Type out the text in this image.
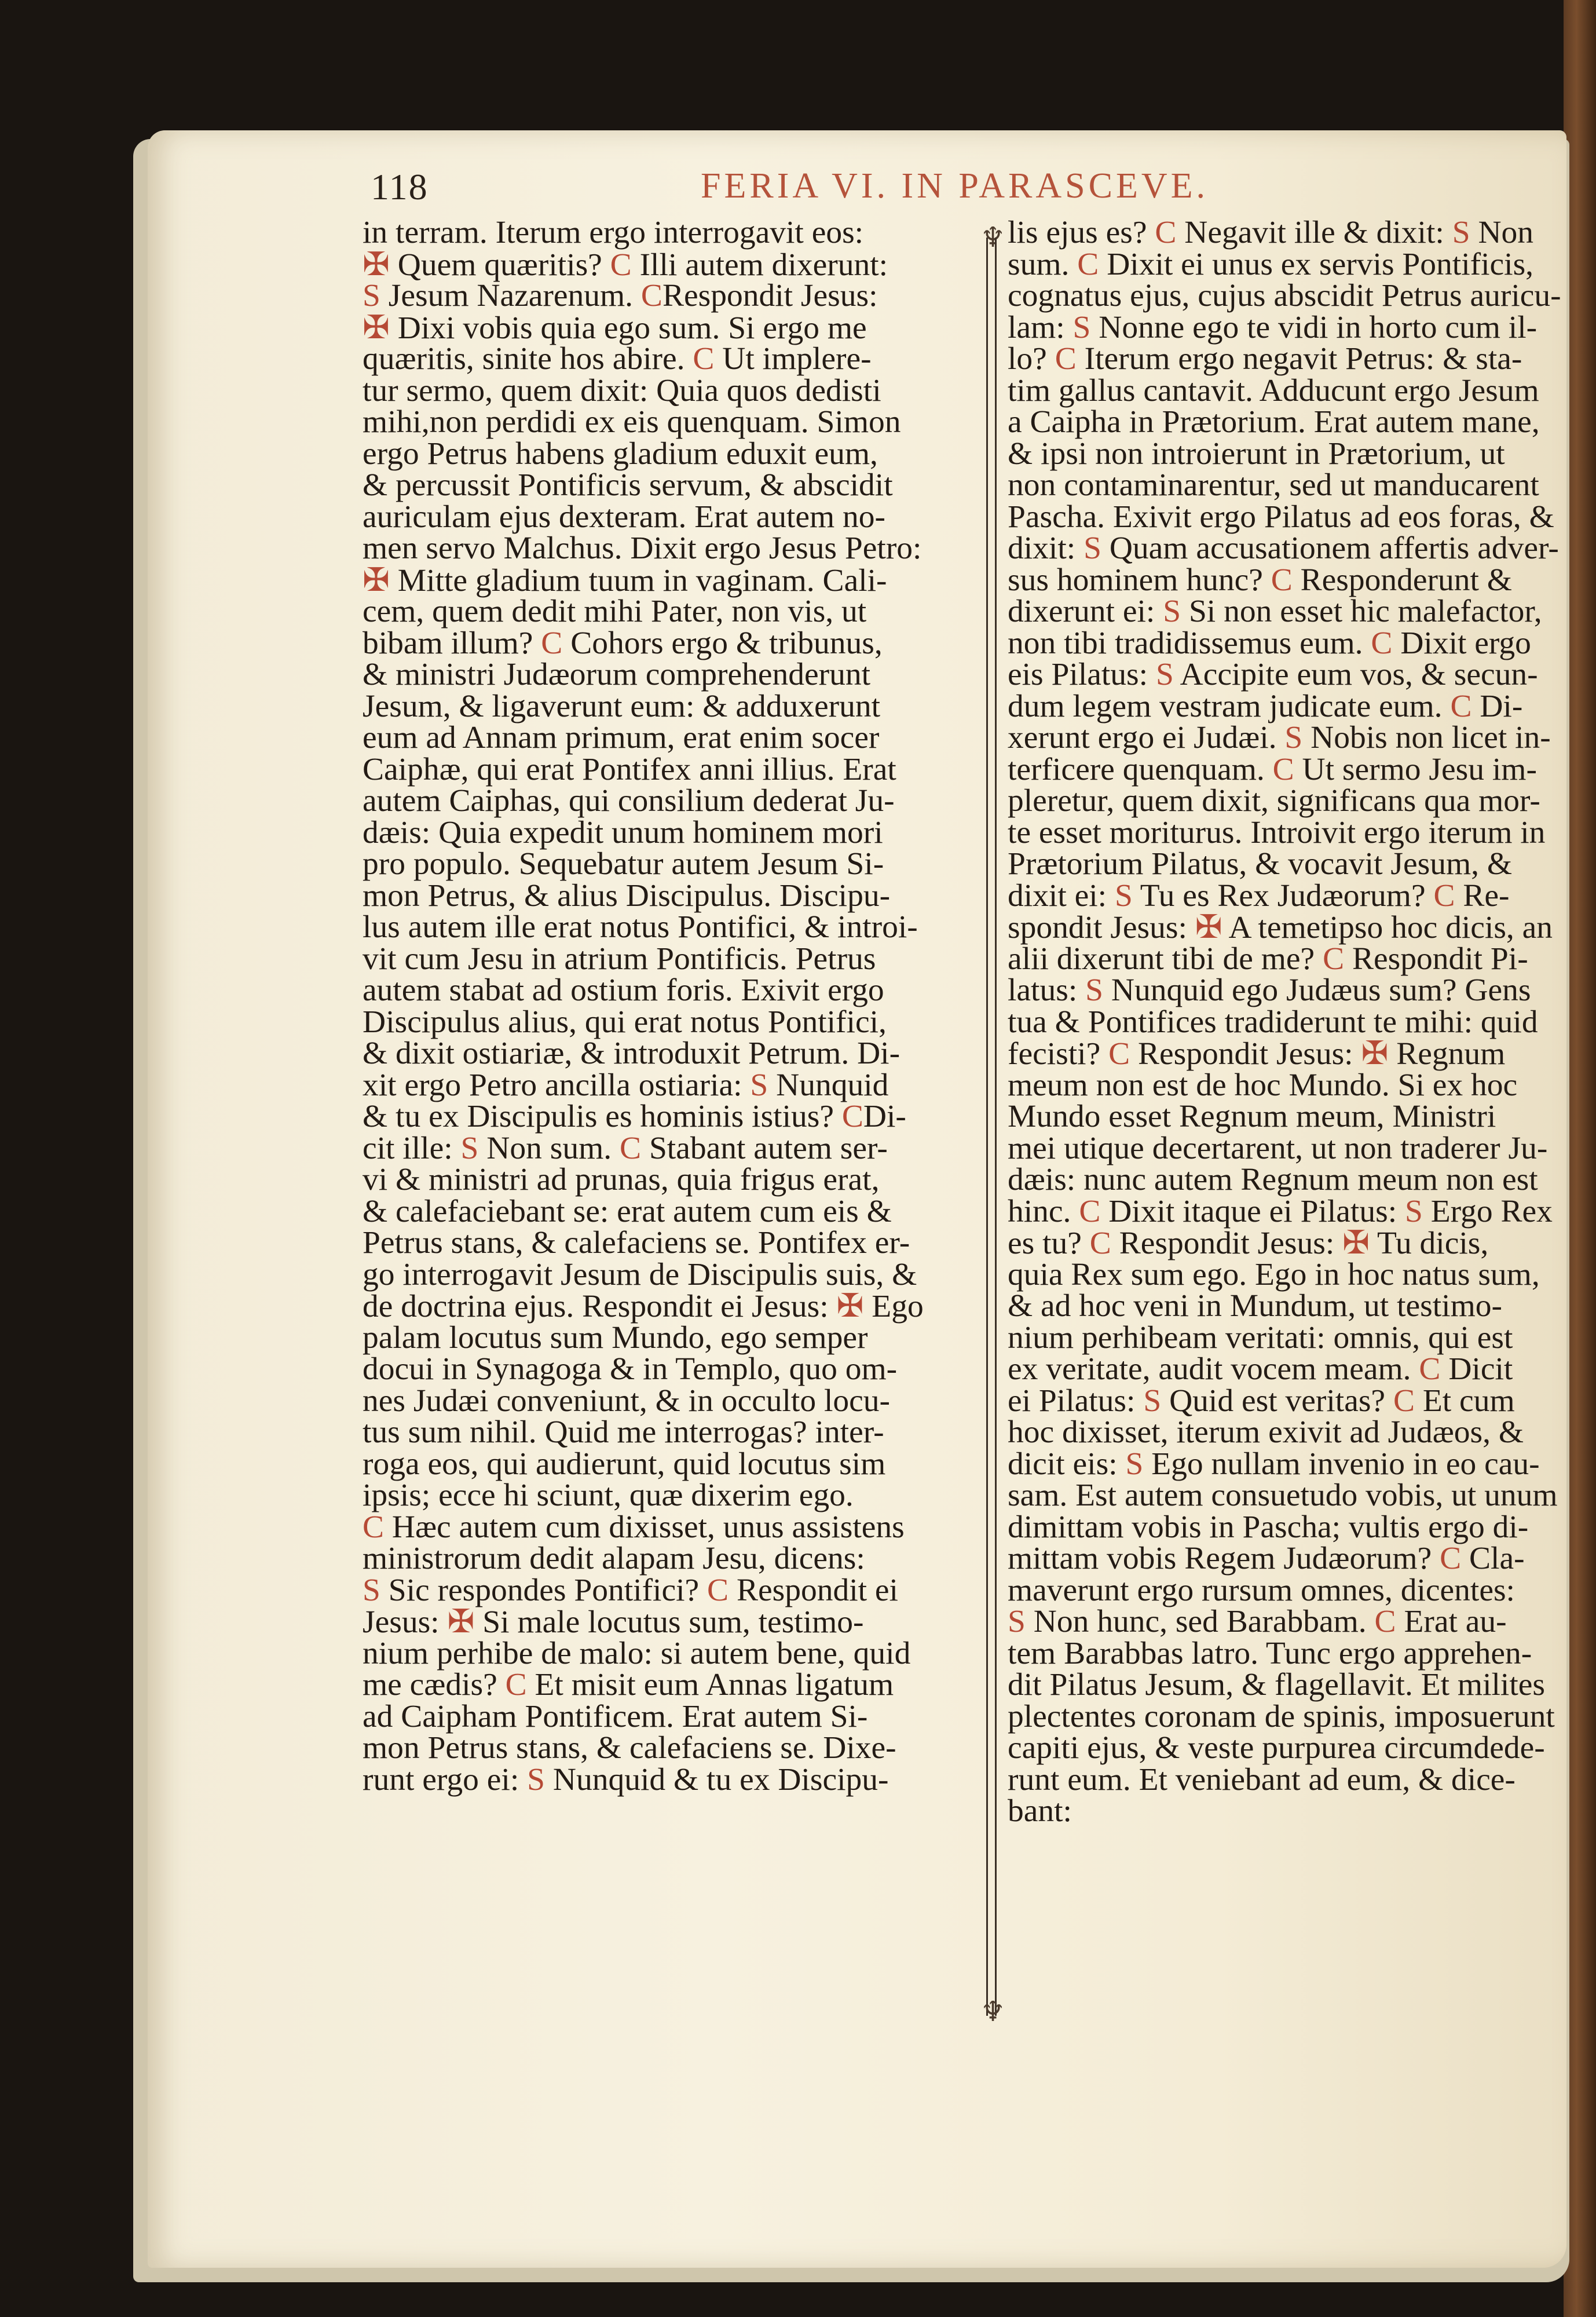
118	FERIA VI. IN PARASCEVE.
♆
♆
in terram. Iterum ergo interrogavit eos:
✠ Quem quæritis? C Illi autem dixerunt:
S Jesum Nazarenum. CRespondit Jesus:
✠ Dixi vobis quia ego sum. Si ergo me
quæritis, sinite hos abire. C Ut implere-
tur sermo, quem dixit: Quia quos dedisti
mihi,non perdidi ex eis quenquam. Simon
ergo Petrus habens gladium eduxit eum,
& percussit Pontificis servum, & abscidit
auriculam ejus dexteram. Erat autem no-
men servo Malchus. Dixit ergo Jesus Petro:
✠ Mitte gladium tuum in vaginam. Cali-
cem, quem dedit mihi Pater, non vis, ut
bibam illum? C Cohors ergo & tribunus,
& ministri Judæorum comprehenderunt
Jesum, & ligaverunt eum: & adduxerunt
eum ad Annam primum, erat enim socer
Caiphæ, qui erat Pontifex anni illius. Erat
autem Caiphas, qui consilium dederat Ju-
dæis: Quia expedit unum hominem mori
pro populo. Sequebatur autem Jesum Si-
mon Petrus, & alius Discipulus. Discipu-
lus autem ille erat notus Pontifici, & introi-
vit cum Jesu in atrium Pontificis. Petrus
autem stabat ad ostium foris. Exivit ergo
Discipulus alius, qui erat notus Pontifici,
& dixit ostiariæ, & introduxit Petrum. Di-
xit ergo Petro ancilla ostiaria: S Nunquid
& tu ex Discipulis es hominis istius? CDi-
cit ille: S Non sum. C Stabant autem ser-
vi & ministri ad prunas, quia frigus erat,
& calefaciebant se: erat autem cum eis &
Petrus stans, & calefaciens se. Pontifex er-
go interrogavit Jesum de Discipulis suis, &
de doctrina ejus. Respondit ei Jesus: ✠ Ego
palam locutus sum Mundo, ego semper
docui in Synagoga & in Templo, quo om-
nes Judæi conveniunt, & in occulto locu-
tus sum nihil. Quid me interrogas? inter-
roga eos, qui audierunt, quid locutus sim
ipsis; ecce hi sciunt, quæ dixerim ego.
C Hæc autem cum dixisset, unus assistens
ministrorum dedit alapam Jesu, dicens:
S Sic respondes Pontifici? C Respondit ei
Jesus: ✠ Si male locutus sum, testimo-
nium perhibe de malo: si autem bene, quid
me cædis? C Et misit eum Annas ligatum
ad Caipham Pontificem. Erat autem Si-
mon Petrus stans, & calefaciens se. Dixe-
runt ergo ei: S Nunquid & tu ex Discipu-
lis ejus es? C Negavit ille & dixit: S Non
sum. C Dixit ei unus ex servis Pontificis,
cognatus ejus, cujus abscidit Petrus auricu-
lam: S Nonne ego te vidi in horto cum il-
lo? C Iterum ergo negavit Petrus: & sta-
tim gallus cantavit. Adducunt ergo Jesum
a Caipha in Prætorium. Erat autem mane,
& ipsi non introierunt in Prætorium, ut
non contaminarentur, sed ut manducarent
Pascha. Exivit ergo Pilatus ad eos foras, &
dixit: S Quam accusationem affertis adver-
sus hominem hunc? C Responderunt &
dixerunt ei: S Si non esset hic malefactor,
non tibi tradidissemus eum. C Dixit ergo
eis Pilatus: S Accipite eum vos, & secun-
dum legem vestram judicate eum. C Di-
xerunt ergo ei Judæi. S Nobis non licet in-
terficere quenquam. C Ut sermo Jesu im-
pleretur, quem dixit, significans qua mor-
te esset moriturus. Introivit ergo iterum in
Prætorium Pilatus, & vocavit Jesum, &
dixit ei: S Tu es Rex Judæorum? C Re-
spondit Jesus: ✠ A temetipso hoc dicis, an
alii dixerunt tibi de me? C Respondit Pi-
latus: S Nunquid ego Judæus sum? Gens
tua & Pontifices tradiderunt te mihi: quid
fecisti? C Respondit Jesus: ✠ Regnum
meum non est de hoc Mundo. Si ex hoc
Mundo esset Regnum meum, Ministri
mei utique decertarent, ut non traderer Ju-
dæis: nunc autem Regnum meum non est
hinc. C Dixit itaque ei Pilatus: S Ergo Rex
es tu? C Respondit Jesus: ✠ Tu dicis,
quia Rex sum ego. Ego in hoc natus sum,
& ad hoc veni in Mundum, ut testimo-
nium perhibeam veritati: omnis, qui est
ex veritate, audit vocem meam. C Dicit
ei Pilatus: S Quid est veritas? C Et cum
hoc dixisset, iterum exivit ad Judæos, &
dicit eis: S Ego nullam invenio in eo cau-
sam. Est autem consuetudo vobis, ut unum
dimittam vobis in Pascha; vultis ergo di-
mittam vobis Regem Judæorum? C Cla-
maverunt ergo rursum omnes, dicentes:
S Non hunc, sed Barabbam. C Erat au-
tem Barabbas latro. Tunc ergo apprehen-
dit Pilatus Jesum, & flagellavit. Et milites
plectentes coronam de spinis, imposuerunt
capiti ejus, & veste purpurea circumdede-
runt eum. Et veniebant ad eum, & dice-
bant:
